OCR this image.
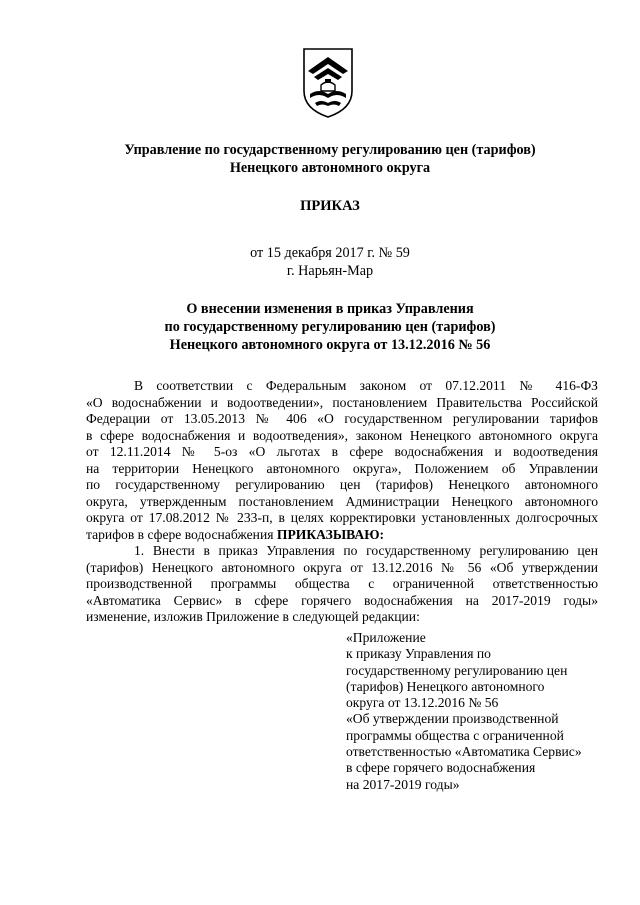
Управление по государственному регулированию цен (тарифов)
Ненецкого автономного округа
ПРИКАЗ
от 15 декабря 2017 г. № 59
г. Нарьян-Мар
О внесении изменения в приказ Управления
по государственному регулированию цен (тарифов)
Ненецкого автономного округа от 13.12.2016 № 56
В соответствии с Федеральным законом от 07.12.2011 № 416-ФЗ
«О водоснабжении и водоотведении», постановлением Правительства Российской
Федерации от 13.05.2013 № 406 «О государственном регулировании тарифов
в сфере водоснабжения и водоотведения», законом Ненецкого автономного округа
от 12.11.2014 № 5-оз «О льготах в сфере водоснабжения и водоотведения
на территории Ненецкого автономного округа», Положением об Управлении
по государственному регулированию цен (тарифов) Ненецкого автономного
округа, утвержденным постановлением Администрации Ненецкого автономного
округа от 17.08.2012 № 233-п, в целях корректировки установленных долгосрочных
тарифов в сфере водоснабжения ПРИКАЗЫВАЮ:
1. Внести в приказ Управления по государственному регулированию цен
(тарифов) Ненецкого автономного округа от 13.12.2016 № 56 «Об утверждении
производственной программы общества с ограниченной ответственностью
«Автоматика Сервис» в сфере горячего водоснабжения на 2017-2019 годы»
изменение, изложив Приложение в следующей редакции:
«Приложение
к приказу Управления по
государственному регулированию цен
(тарифов) Ненецкого автономного
округа от 13.12.2016 № 56
«Об утверждении производственной
программы общества с ограниченной
ответственностью «Автоматика Сервис»
в сфере горячего водоснабжения
на 2017-2019 годы»
